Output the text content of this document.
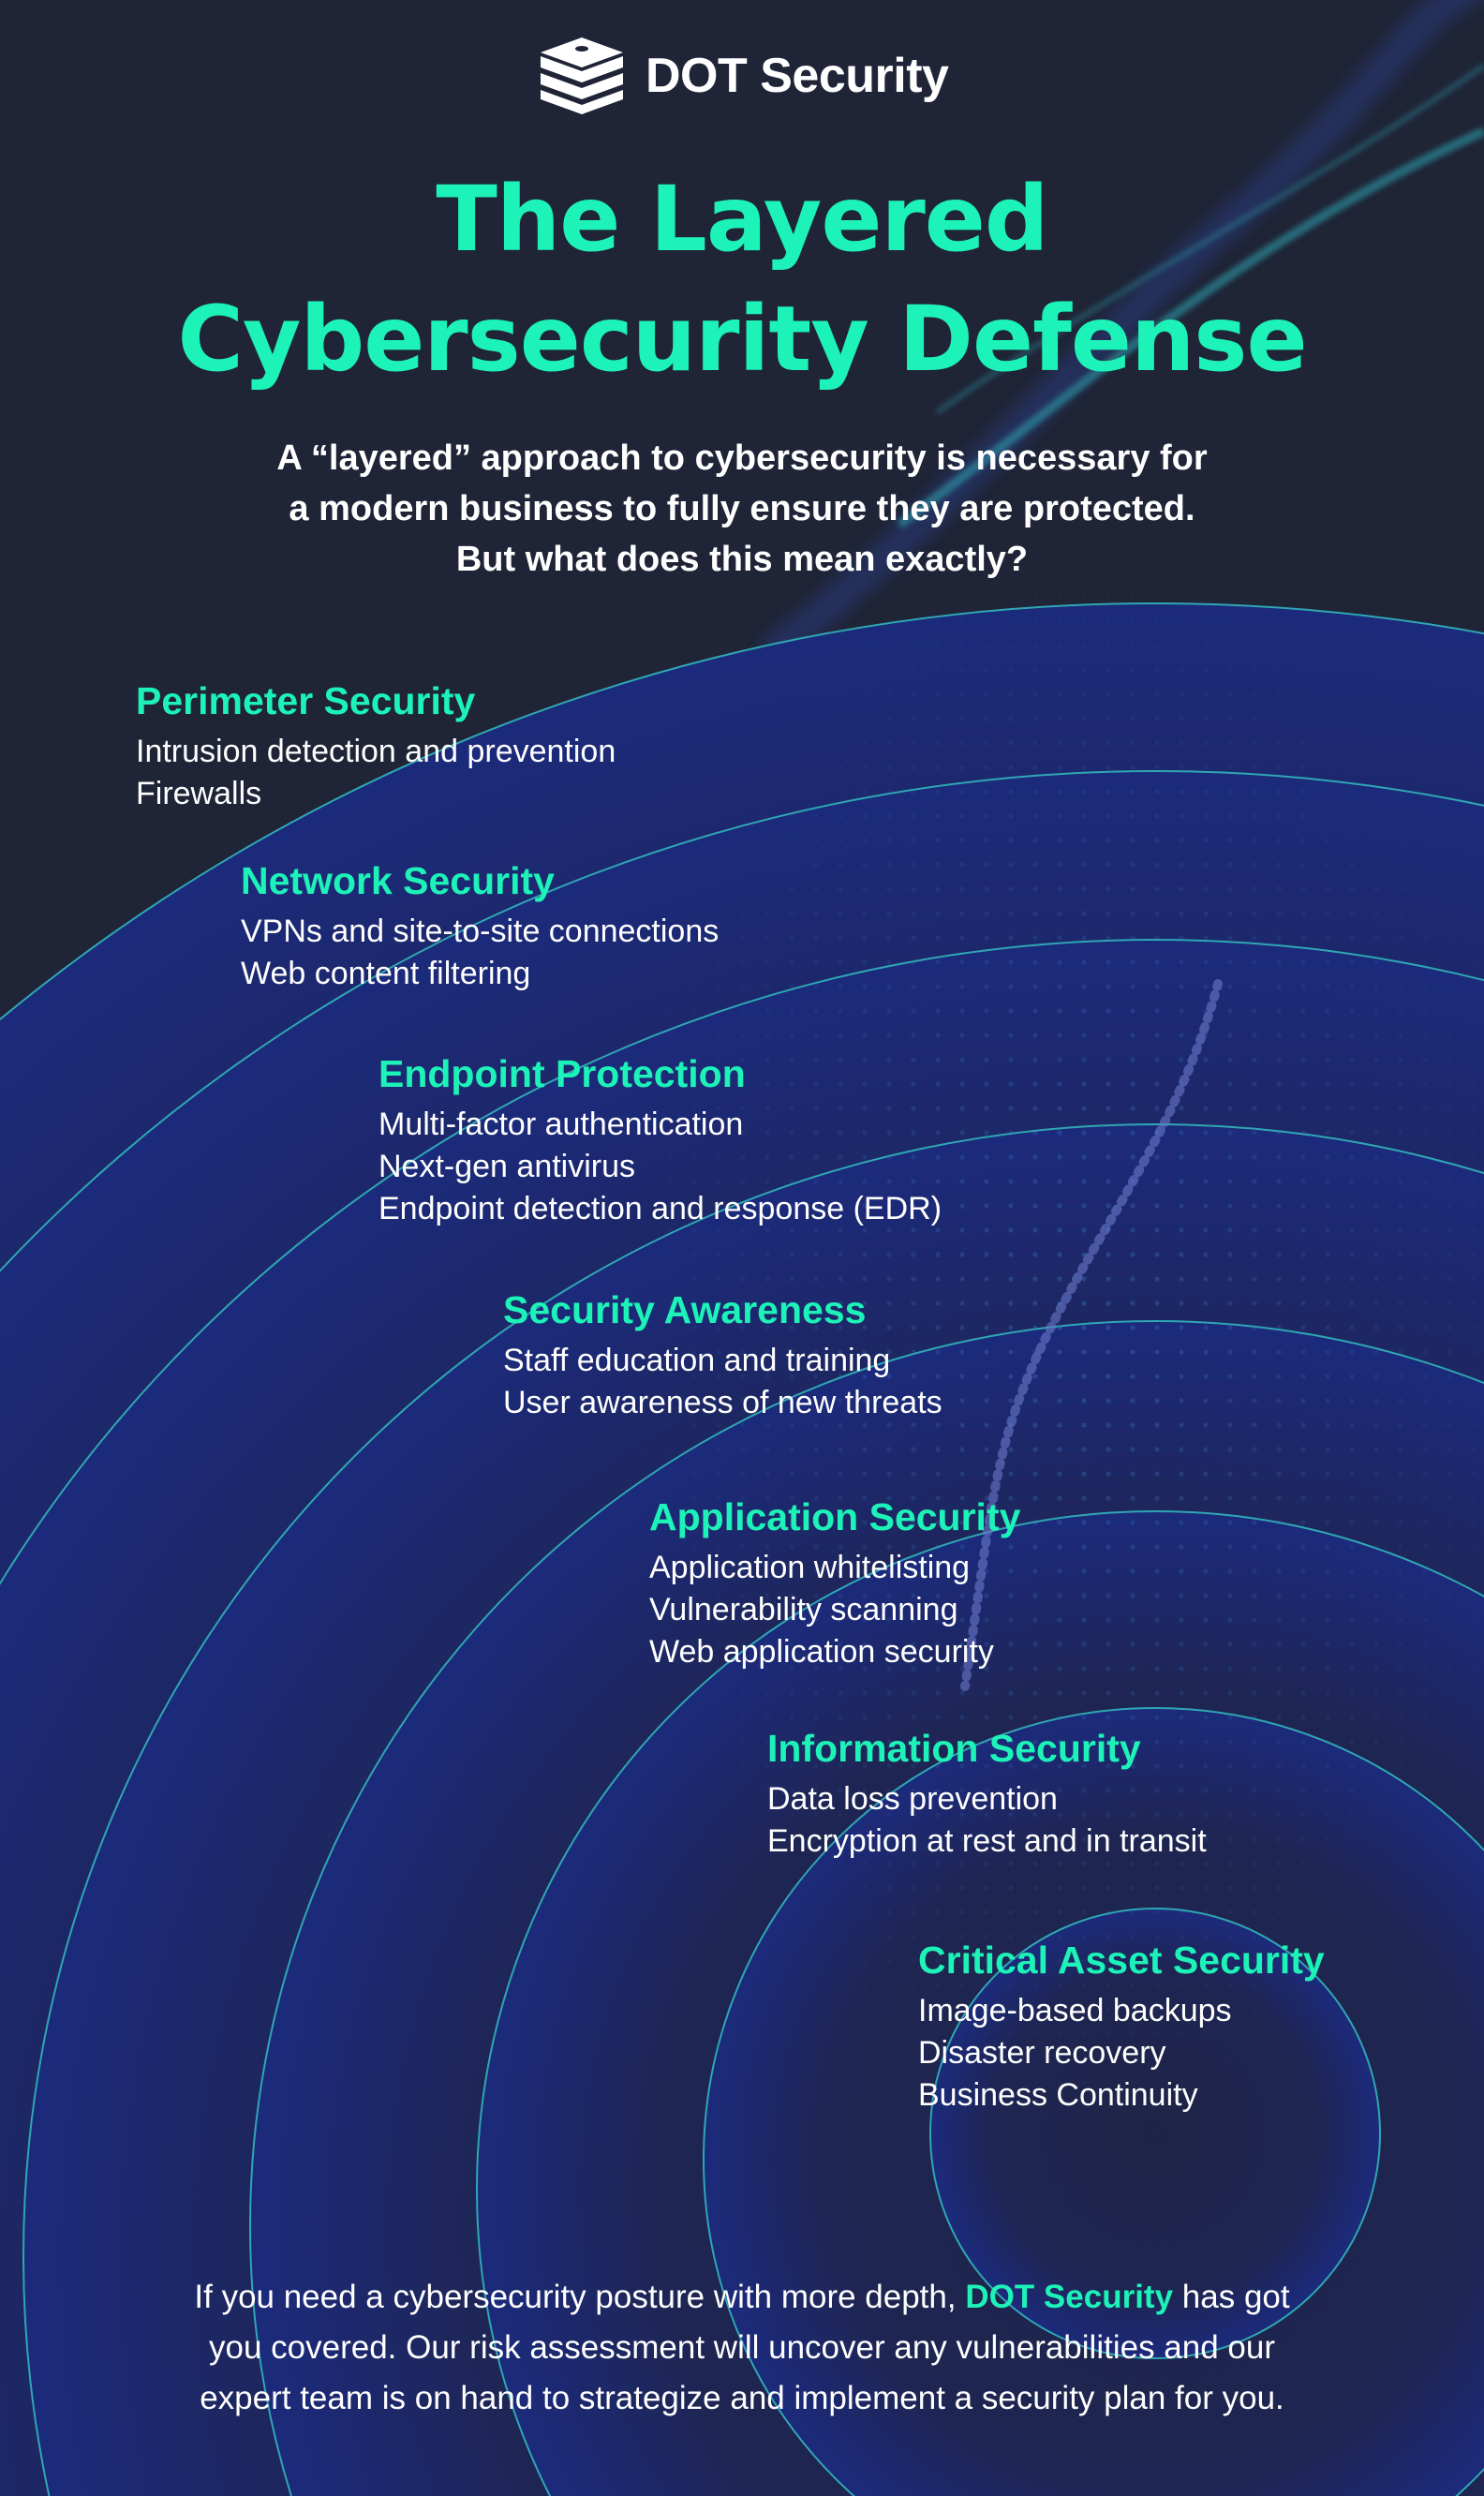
DOT Security
The Layered
Cybersecurity Defense
A “layered” approach to cybersecurity is necessary for
a modern business to fully ensure they are protected.
But what does this mean exactly?
Perimeter Security
Intrusion detection and prevention
Firewalls
Network Security
VPNs and site-to-site connections
Web content filtering
Endpoint Protection
Multi-factor authentication
Next-gen antivirus
Endpoint detection and response (EDR)
Security Awareness
Staff education and training
User awareness of new threats
Application Security
Application whitelisting
Vulnerability scanning
Web application security
Information Security
Data loss prevention
Encryption at rest and in transit
Critical Asset Security
Image-based backups
Disaster recovery
Business Continuity
If you need a cybersecurity posture with more depth, DOT Security has got
you covered. Our risk assessment will uncover any vulnerabilities and our
expert team is on hand to strategize and implement a security plan for you.
